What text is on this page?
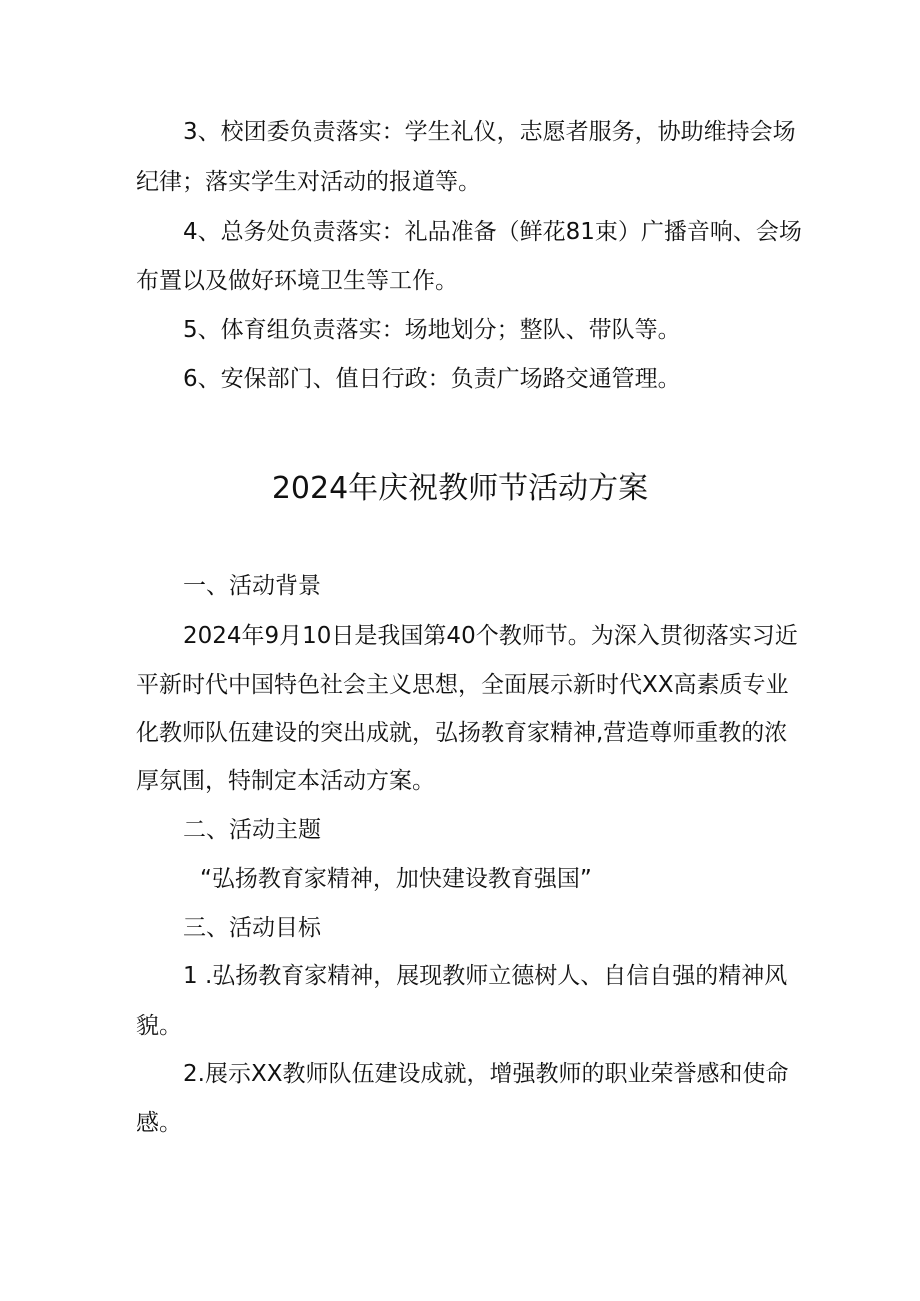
3、校团委负责落实：学生礼仪，志愿者服务，协助维持会场
纪律；落实学生对活动的报道等。
4、总务处负责落实：礼品准备（鲜花81束）广播音响、会场
布置以及做好环境卫生等工作。
5、体育组负责落实：场地划分；整队、带队等。
6、安保部门、值日行政：负责广场路交通管理。
2024年庆祝教师节活动方案
一、活动背景
2024年9月10日是我国第40个教师节。为深入贯彻落实习近
平新时代中国特色社会主义思想，全面展示新时代XX高素质专业
化教师队伍建设的突出成就，弘扬教育家精神,营造尊师重教的浓
厚氛围，特制定本活动方案。
二、活动主题
“弘扬教育家精神，加快建设教育强国”
三、活动目标
1 .弘扬教育家精神，展现教师立德树人、自信自强的精神风
貌。
2.展示XX教师队伍建设成就，增强教师的职业荣誉感和使命
感。
